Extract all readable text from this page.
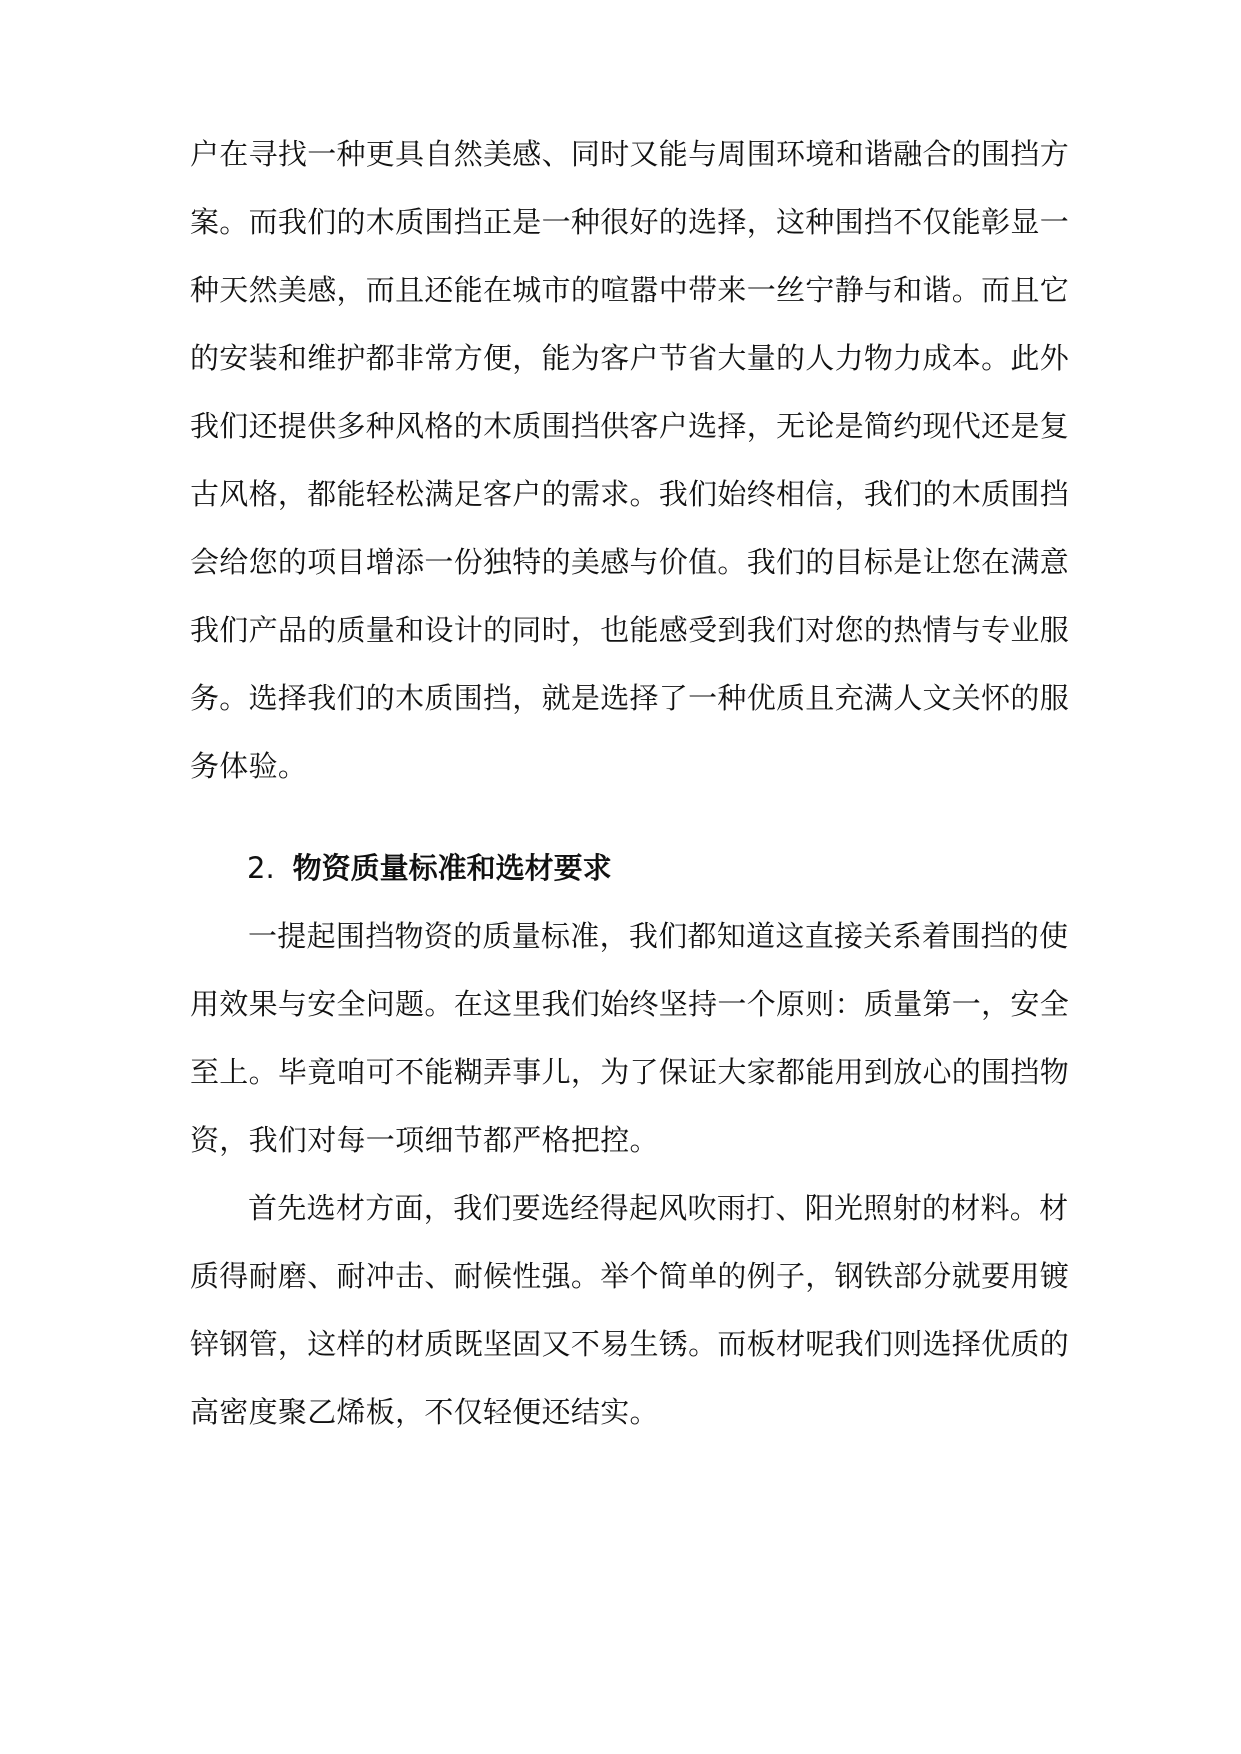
户在寻找一种更具自然美感、同时又能与周围环境和谐融合的围挡方
案。而我们的木质围挡正是一种很好的选择，这种围挡不仅能彰显一
种天然美感，而且还能在城市的喧嚣中带来一丝宁静与和谐。而且它
的安装和维护都非常方便，能为客户节省大量的人力物力成本。此外
我们还提供多种风格的木质围挡供客户选择，无论是简约现代还是复
古风格，都能轻松满足客户的需求。我们始终相信，我们的木质围挡
会给您的项目增添一份独特的美感与价值。我们的目标是让您在满意
我们产品的质量和设计的同时，也能感受到我们对您的热情与专业服
务。选择我们的木质围挡，就是选择了一种优质且充满人文关怀的服
务体验。
2. 物资质量标准和选材要求
一提起围挡物资的质量标准，我们都知道这直接关系着围挡的使
用效果与安全问题。在这里我们始终坚持一个原则：质量第一，安全
至上。毕竟咱可不能糊弄事儿，为了保证大家都能用到放心的围挡物
资，我们对每一项细节都严格把控。
首先选材方面，我们要选经得起风吹雨打、阳光照射的材料。材
质得耐磨、耐冲击、耐候性强。举个简单的例子，钢铁部分就要用镀
锌钢管，这样的材质既坚固又不易生锈。而板材呢我们则选择优质的
高密度聚乙烯板，不仅轻便还结实。
